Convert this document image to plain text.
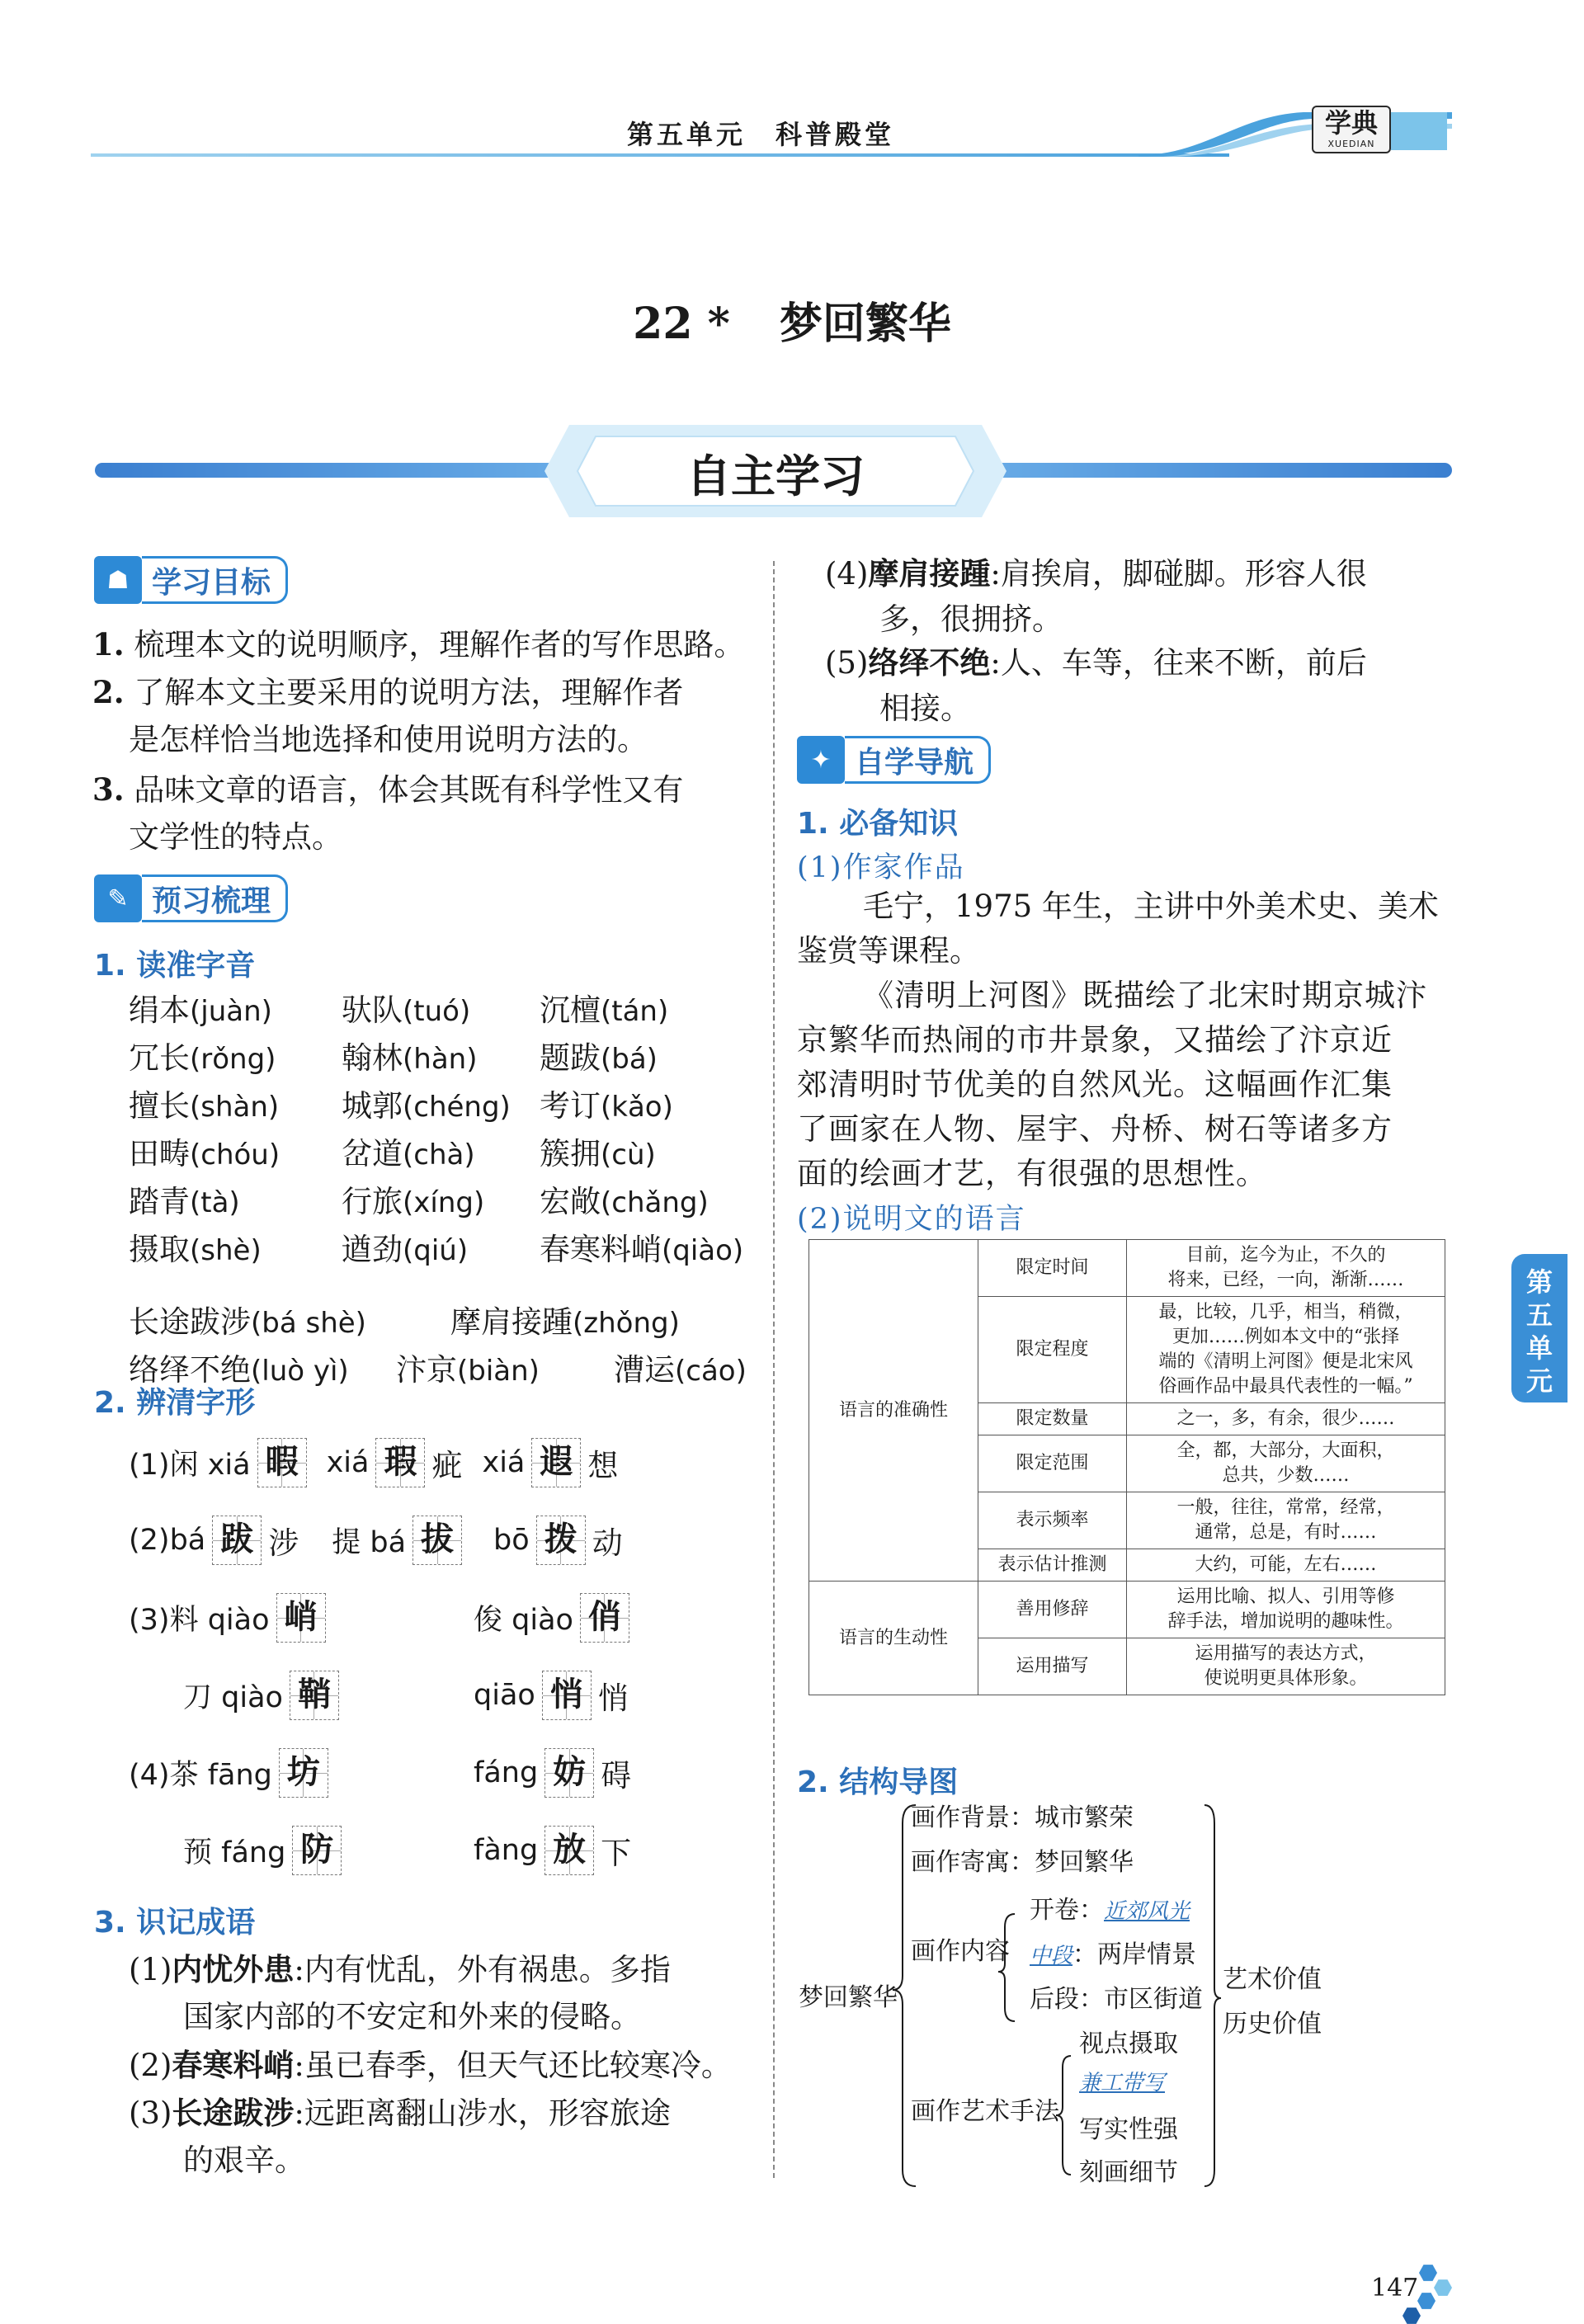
第五单元　科普殿堂	学典
XUEDIAN
22 * 梦回繁华
自主学习
☗ 学习目标
1. 梳理本文的说明顺序，理解作者的写作思路。
2. 了解本文主要采用的说明方法，理解作者
是怎样恰当地选择和使用说明方法的。
3. 品味文章的语言，体会其既有科学性又有
文学性的特点。
✎ 预习梳理
1. 读准字音
绢本(juàn) 驮队(tuó) 沉檀(tán)
冗长(rǒng) 翰林(hàn) 题跋(bá)
擅长(shàn) 城郭(chéng) 考订(kǎo)
田畴(chóu) 岔道(chà) 簇拥(cù)
踏青(tà)	行旅(xíng) 宏敞(chǎng)
摄取(shè)	遒劲(qiú) 春寒料峭(qiào)
长途跋涉(bá shè)	摩肩接踵(zhǒng)
络绎不绝(luò yì) 汴京(biàn) 漕运(cáo)
2. 辨清字形
(1)闲 xiá 暇 xiá 瑕 疵 xiá 遐 想
(2)bá 跋 涉 提 bá 拔 bō 拨 动
(3)料 qiào 峭	俊 qiào 俏
刀 qiào 鞘	qiāo 悄 悄
(4)茶 fāng 坊	fáng 妨 碍
预 fáng 防	fàng 放 下
3. 识记成语
(1)内忧外患:内有忧乱，外有祸患。多指
国家内部的不安定和外来的侵略。
(2)春寒料峭:虽已春季，但天气还比较寒冷。
(3)长途跋涉:远距离翻山涉水，形容旅途
的艰辛。
(4)摩肩接踵:肩挨肩，脚碰脚。形容人很
多，很拥挤。
(5)络绎不绝:人、车等，往来不断，前后
相接。
✦ 自学导航
1. 必备知识
(1)作家作品
毛宁，1975 年生，主讲中外美术史、美术
鉴赏等课程。
《清明上河图》既描绘了北宋时期京城汴
京繁华而热闹的市井景象，又描绘了汴京近
郊清明时节优美的自然风光。这幅画作汇集
了画家在人物、屋宇、舟桥、树石等诸多方
面的绘画才艺，有很强的思想性。
(2)说明文的语言
语言的准确性	限定时间	目前，迄今为止，不久的
将来，已经，一向，渐渐……
	限定程度	最，比较，几乎，相当，稍微，
更加……例如本文中的“张择
端的《清明上河图》便是北宋风
俗画作品中最具代表性的一幅。”
	限定数量	之一，多，有余，很少……
	限定范围	全，都，大部分，大面积，
总共，少数……
	表示频率	一般，往往，常常，经常，
通常，总是，有时……
	表示估计推测	大约，可能，左右……
语言的生动性	善用修辞	运用比喻、拟人、引用等修
辞手法，增加说明的趣味性。
	运用描写	运用描写的表达方式，
使说明更具体形象。
2. 结构导图
梦回繁华
画作背景：城市繁荣
画作寄寓：梦回繁华
画作内容
开卷：近郊风光
中段：两岸情景
后段：市区街道
画作艺术手法
视点摄取
兼工带写
写实性强
刻画细节
艺术价值
历史价值
第
五
单
元
147
